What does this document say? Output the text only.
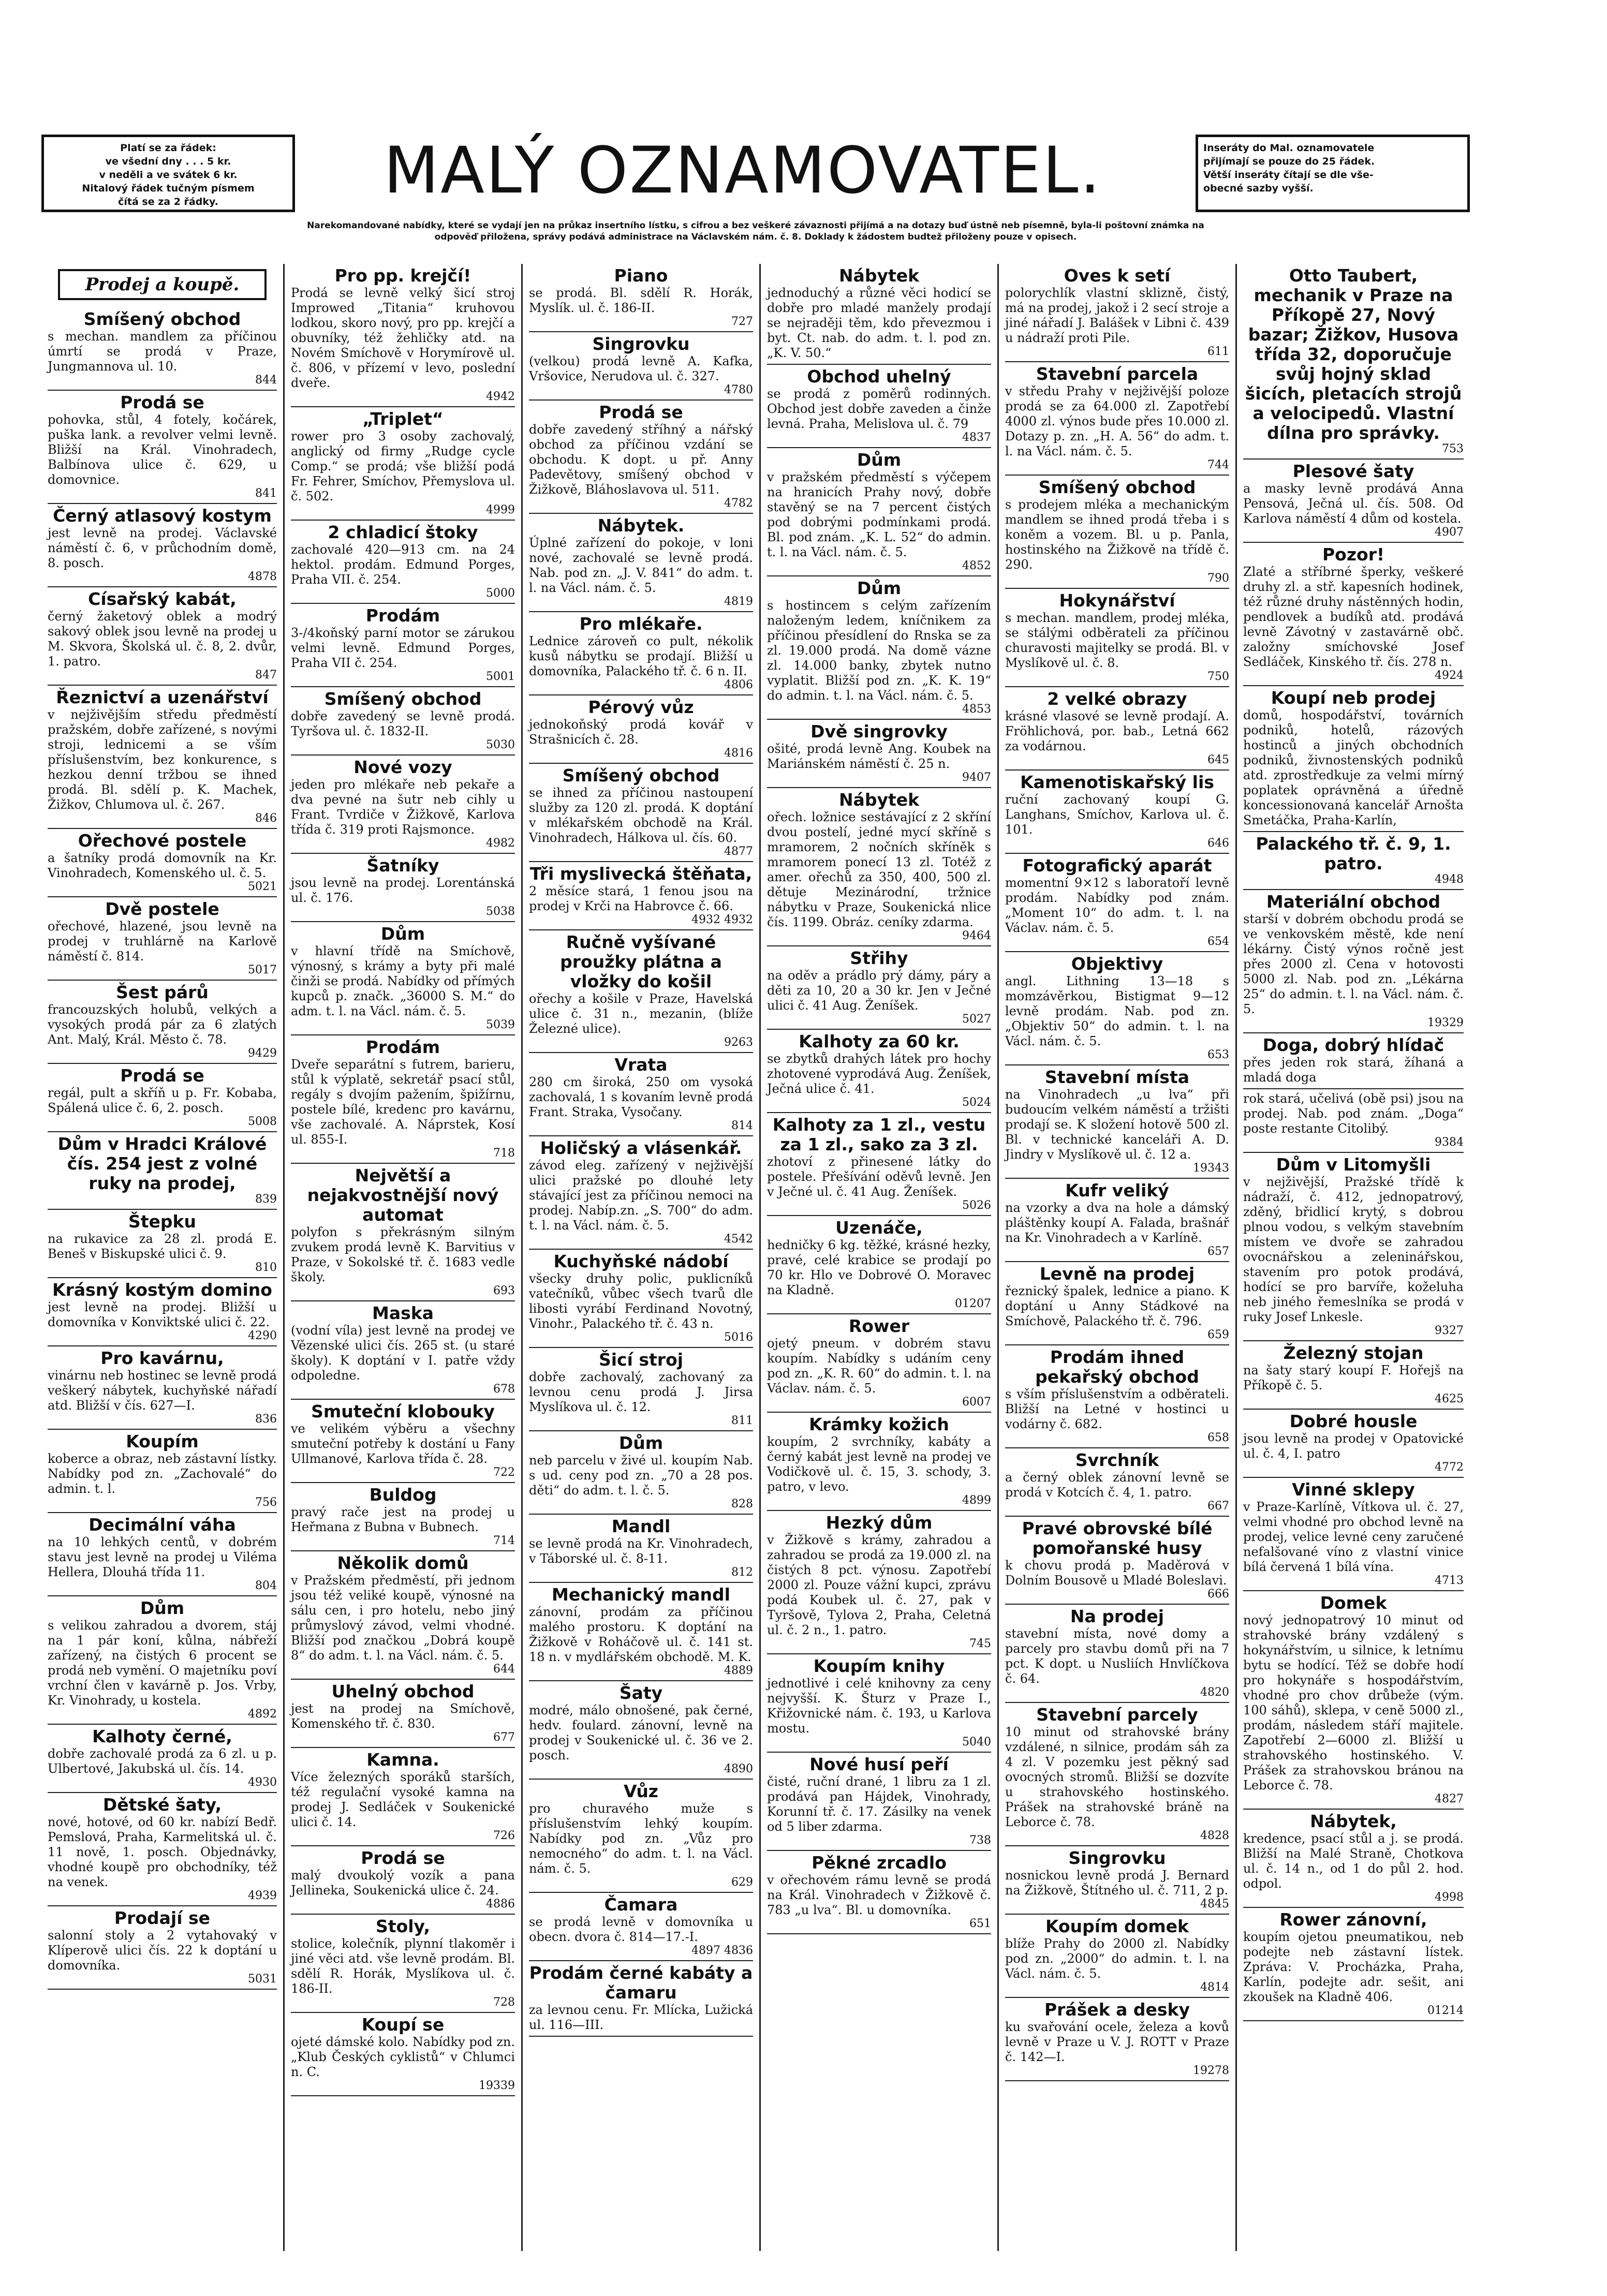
Platí se za řádek:
ve všední dny . . . 5 kr.
v neděli a ve svátek 6 kr.
Nitalový řádek tučným písmem
čítá se za 2 řádky.	MALÝ OZNAMOVATEL.	Inseráty do Mal. oznamovatele
přijímají se pouze do 25 řádek.
Větší inseráty čítají se dle vše-
obecné sazby vyšší.
Narekomandované nabídky, které se vydají jen na průkaz insertního lístku, s cifrou a bez veškeré závaznosti přijímá a na dotazy buď ústně neb písemně, byla-li poštovní známka na
odpověď přiložena, správy podává administrace na Václavském nám. č. 8. Doklady k žádostem budtež přiloženy pouze v opisech.
Prodej a koupě.
Smíšený obchod

s mechan. mandlem za příčinou úmrtí se prodá v Praze, Jungmannova ul. 10.

844
Prodá se

pohovka, stůl, 4 fotely, kočárek, puška lank. a revolver velmi levně. Bližší na Král. Vinohradech, Balbínova ulice č. 629, u domovnice.

841
Černý atlasový kostym

jest levně na prodej. Václavské náměstí č. 6, v průchodním domě, 8. posch.

4878
Císařský kabát,

černý žaketový oblek a modrý sakový oblek jsou levně na prodej u M. Skvora, Školská ul. č. 8, 2. dvůr, 1. patro.

847
Řeznictví a uzenářství

v nejživějším středu předměstí pražském, dobře zařízené, s novými stroji, lednicemi a se vším příslušenstvím, bez konkurence, s hezkou denní tržbou se ihned prodá. Bl. sdělí p. K. Machek, Žižkov, Chlumova ul. č. 267.

846
Ořechové postele

a šatníky prodá domovník na Kr. Vinohradech, Komenského ul. č. 5.

5021
Dvě postele

ořechové, hlazené, jsou levně na prodej v truhlárně na Karlově náměstí č. 814.

5017
Šest párů

francouzských holubů, velkých a vysokých prodá pár za 6 zlatých Ant. Malý, Král. Město č. 78.

9429
Prodá se

regál, pult a skříň u p. Fr. Kobaba, Spálená ulice č. 6, 2. posch.

5008
Dům v Hradci Králové čís. 254 jest z volné ruky na prodej,
839
Štepku

na rukavice za 28 zl. prodá E. Beneš v Biskupské ulici č. 9.

810
Krásný kostým domino

jest levně na prodej. Bližší u domovníka v Konviktské ulici č. 22.

4290
Pro kavárnu,

vinárnu neb hostinec se levně prodá veškerý nábytek, kuchyňské nářadí atd. Bližší v čís. 627—I.

836
Koupím

koberce a obraz, neb zástavní lístky. Nabídky pod zn. „Zachovalé“ do admin. t. l.

756
Decimální váha

na 10 lehkých centů, v dobrém stavu jest levně na prodej u Viléma Hellera, Dlouhá třída 11.

804
Dům

s velikou zahradou a dvorem, stáj na 1 pár koní, kůlna, nábřeží zařízený, na čistých 6 procent se prodá neb vymění. O majetníku poví vrchní člen v kavárně p. Jos. Vrby, Kr. Vinohrady, u kostela.

4892
Kalhoty černé,

dobře zachovalé prodá za 6 zl. u p. Ulbertové, Jakubská ul. čís. 14.

4930
Dětské šaty,

nové, hotové, od 60 kr. nabízí Bedř. Pemslová, Praha, Karmelitská ul. č. 11 nově, 1. posch. Objednávky, vhodné koupě pro obchodníky, též na venek.

4939
Prodají se

salonní stoly a 2 vytahovaký v Klíperově ulici čís. 22 k doptání u domovníka.

5031
Pro pp. krejčí!

Prodá se levně velký šicí stroj Improwed „Titania“ kruhovou lodkou, skoro nový, pro pp. krejčí a obuvníky, též žehličky atd. na Novém Smíchově v Horymírově ul. č. 806, v přízemí v levo, poslední dveře.

4942
„Triplet“

rower pro 3 osoby zachovalý, anglický od firmy „Rudge cycle Comp.“ se prodá; vše bližší podá Fr. Fehrer, Smíchov, Přemyslova ul. č. 502.

4999
2 chladicí štoky

zachovalé 420—913 cm. na 24 hektol. prodám. Edmund Porges, Praha VII. č. 254.

5000
Prodám

3-/4koňský parní motor se zárukou velmi levně. Edmund Porges, Praha VII č. 254.

5001
Smíšený obchod

dobře zavedený se levně prodá. Tyršova ul. č. 1832-II.

5030
Nové vozy

jeden pro mlékaře neb pekaře a dva pevné na šutr neb cihly u Frant. Tvrdiče v Žižkově, Karlova třída č. 319 proti Rajsmonce.

4982
Šatníky

jsou levně na prodej. Lorentánská ul. č. 176.

5038
Dům

v hlavní třídě na Smíchově, výnosný, s krámy a byty při malé činži se prodá. Nabídky od přímých kupců p. značk. „36000 S. M.“ do adm. t. l. na Václ. nám. č. 5.

5039
Prodám

Dveře separátní s futrem, barieru, stůl k výplatě, sekretář psací stůl, regály s dvojím pažením, špižírnu, postele bílé, kredenc pro kavárnu, vše zachovalé. A. Náprstek, Kosí ul. 855-I.

718
Největší a nejakvostnější nový automat

polyfon s překrásným silným zvukem prodá levně K. Barvitius v Praze, v Sokolské tř. č. 1683 vedle školy.

693
Maska

(vodní víla) jest levně na prodej ve Vězenské ulici čís. 265 st. (u staré školy). K doptání v I. patře vždy odpoledne.

678
Smuteční klobouky

ve velikém výběru a všechny smuteční potřeby k dostání u Fany Ullmanové, Karlova třída č. 28.

722
Buldog

pravý rače jest na prodej u Heřmana z Bubna v Bubnech.

714
Několik domů

v Pražském předměstí, při jednom jsou též veliké koupě, výnosné na sálu cen, i pro hotelu, nebo jiný průmyslový závod, velmi vhodné. Bližší pod značkou „Dobrá koupě 8“ do adm. t. l. na Václ. nám. č. 5.

644
Uhelný obchod

jest na prodej na Smíchově, Komenského tř. č. 830.

677
Kamna.

Více železných sporáků starších, též regulační vysoké kamna na prodej J. Sedláček v Soukenické ulici č. 14.

726
Prodá se

malý dvoukolý vozík a pana Jellineka, Soukenická ulice č. 24.

4886
Stoly,

stolice, kolečník, plynní tlakoměr i jiné věci atd. vše levně prodám. Bl. sdělí R. Horák, Myslíkova ul. č. 186-II.

728
Koupí se

ojeté dámské kolo. Nabídky pod zn. „Klub Českých cyklistů“ v Chlumci n. C.

19339
Piano

se prodá. Bl. sdělí R. Horák, Myslík. ul. č. 186-II.

727
Singrovku

(velkou) prodá levně A. Kafka, Vršovice, Nerudova ul. č. 327.

4780
Prodá se

dobře zavedený stříhný a nářský obchod za příčinou vzdání se obchodu. K dopt. u př. Anny Padevětovy, smíšený obchod v Žižkově, Bláhoslavova ul. 511.

4782
Nábytek.

Úplné zařízení do pokoje, v loni nové, zachovalé se levně prodá. Nab. pod zn. „J. V. 841“ do adm. t. l. na Václ. nám. č. 5.

4819
Pro mlékaře.

Lednice zároveň co pult, nékolik kusů nábytku se prodají. Bližší u domovníka, Palackého tř. č. 6 n. II.

4806
Pérový vůz

jednokoňský prodá kovář v Strašnicích č. 28.

4816
Smíšený obchod

se ihned za příčinou nastoupení služby za 120 zl. prodá. K doptání v mlékařském obchodě na Král. Vinohradech, Hálkova ul. čís. 60.

4877
Tři myslivecká štěňata,

2 měsíce stará, 1 fenou jsou na prodej v Krči na Habrovce č. 66.

4932 4932
Ručně vyšívané proužky plátna a vložky do košil

ořechy a košile v Praze, Havelská ulice č. 31 n., mezanin, (blíže Železné ulice).

9263
Vrata

280 cm široká, 250 om vysoká zachovalá, 1 s kovaním levně prodá Frant. Straka, Vysočany.

814
Holičský a vlásenkář.

závod eleg. zařízený v nejživější ulici pražské po dlouhé lety stávající jest za příčinou nemoci na prodej. Nabíp.zn. „S. 700“ do adm. t. l. na Václ. nám. č. 5.

4542
Kuchyňské nádobí

všecky druhy polic, puklicníků vatečníků, vůbec všech tvarů dle libosti vyrábí Ferdinand Novotný, Vinohr., Palackého tř. č. 43 n.

5016
Šicí stroj

dobře zachovalý, zachovaný za levnou cenu prodá J. Jirsa Myslíkova ul. č. 12.

811
Dům

neb parcelu v živé ul. koupím Nab. s ud. ceny pod zn. „70 a 28 pos. děti“ do adm. t. l. č. 5.

828
Mandl

se levně prodá na Kr. Vinohradech, v Táborské ul. č. 8-11.

812
Mechanický mandl

zánovní, prodám za příčinou malého prostoru. K doptání na Žižkově v Roháčově ul. č. 141 st. 18 n. v mydlářském obchodě. M. K.

4889
Šaty

modré, málo obnošené, pak černé, hedv. foulard. zánovní, levně na prodej v Soukenické ul. č. 36 ve 2. posch.

4890
Vůz

pro churavého muže s příslušenstvím lehký koupím. Nabídky pod zn. „Vůz pro nemocného“ do adm. t. l. na Václ. nám. č. 5.

629
Čamara

se prodá levně v domovníka u obecn. dvora č. 814—17.-I.

4897 4836
Prodám černé kabáty a čamaru

za levnou cenu. Fr. Mlícka, Lužická ul. 116—III.

Nábytek

jednoduchý a různé věci hodicí se dobře pro mladé manžely prodají se nejraději těm, kdo převezmou i byt. Ct. nab. do adm. t. l. pod zn. „K. V. 50.“

Obchod uhelný

se prodá z poměrů rodinných. Obchod jest dobře zaveden a činže levná. Praha, Melislova ul. č. 79

4837
Dům

v pražském předměstí s výčepem na hranicích Prahy nový, dobře stavěný se na 7 percent čistých pod dobrými podmínkami prodá. Bl. pod znám. „K. L. 52“ do admin. t. l. na Václ. nám. č. 5.

4852
Dům

s hostincem s celým zařízením naloženým ledem, kníčnikem za příčinou přesídlení do Rnska se za zl. 19.000 prodá. Na domě vázne zl. 14.000 banky, zbytek nutno vyplatit. Bližší pod zn. „K. K. 19“ do admin. t. l. na Václ. nám. č. 5.

4853
Dvě singrovky

ošité, prodá levně Ang. Koubek na Mariánském náměstí č. 25 n.

9407
Nábytek

ořech. ložnice sestávající z 2 skříní dvou postelí, jedné mycí skříně s mramorem, 2 nočních skříněk s mramorem ponecí 13 zl. Totéž z amer. ořechů za 350, 400, 500 zl. dětuje Mezinárodní, tržnice nábytku v Praze, Soukenická nlice čís. 1199. Obráz. ceníky zdarma.

9464
Střihy

na oděv a prádlo prý dámy, páry a děti za 10, 20 a 30 kr. Jen v Ječné ulici č. 41 Aug. Ženíšek.

5027
Kalhoty za 60 kr.

se zbytků drahých látek pro hochy zhotovené vyprodává Aug. Ženíšek, Ječná ulice č. 41.

5024
Kalhoty za 1 zl., vestu za 1 zl., sako za 3 zl.

zhotoví z přinesené látky do postele. Přešívání oděvů levně. Jen v Ječné ul. č. 41 Aug. Ženíšek.

5026
Uzenáče,

hedničky 6 kg. těžké, krásné hezky, pravé, celé krabice se prodají po 70 kr. Hlo ve Dobrové O. Moravec na Kladně.

01207
Rower

ojetý pneum. v dobrém stavu koupím. Nabídky s udáním ceny pod zn. „K. R. 60“ do admin. t. l. na Václav. nám. č. 5.

6007
Krámky kožich

koupím, 2 svrchníky, kabáty a černý kabát jest levně na prodej ve Vodičkově ul. č. 15, 3. schody, 3. patro, v levo.

4899
Hezký dům

v Žižkově s krámy, zahradou a zahradou se prodá za 19.000 zl. na čistých 8 pct. výnosu. Zapotřebí 2000 zl. Pouze vážní kupci, zprávu podá Koubek ul. č. 27, pak v Tyršově, Tylova 2, Praha, Celetná ul. č. 2 n., 1. patro.

745
Koupím knihy

jednotlivé i celé knihovny za ceny nejvyšší. K. Šturz v Praze I., Křižovnické nám. č. 193, u Karlova mostu.

5040
Nové husí peří

čisté, ruční drané, 1 libru za 1 zl. prodává pan Hájdek, Vinohrady, Korunní tř. č. 17. Zásilky na venek od 5 liber zdarma.

738
Pěkné zrcadlo

v ořechovém rámu levně se prodá na Král. Vinohradech v Žižkově č. 783 „u lva“. Bl. u domovníka.

651
Oves k setí

polorychlík vlastní sklizně, čistý, má na prodej, jakož i 2 secí stroje a jiné nářadí J. Balášek v Libni č. 439 u nádraží proti Pile.

611
Stavební parcela

v středu Prahy v nejživější poloze prodá se za 64.000 zl. Zapotřebí 4000 zl. výnos bude přes 10.000 zl. Dotazy p. zn. „H. A. 56“ do adm. t. l. na Václ. nám. č. 5.

744
Smíšený obchod

s prodejem mléka a mechanickým mandlem se ihned prodá třeba i s koněm a vozem. Bl. u p. Panla, hostinského na Žižkově na třídě č. 290.

790
Hokynářství

s mechan. mandlem, prodej mléka, se stálými odběrateli za příčinou churavosti majitelky se prodá. Bl. v Myslíkově ul. č. 8.

750
2 velké obrazy

krásné vlasové se levně prodají. A. Fröhlichová, por. bab., Letná 662 za vodárnou.

645
Kamenotiskařský lis

ruční zachovaný koupí G. Langhans, Smíchov, Karlova ul. č. 101.

646
Fotografický aparát

momentní 9×12 s laboratoří levně prodám. Nabídky pod znám. „Moment 10“ do adm. t. l. na Václav. nám. č. 5.

654
Objektivy

angl. Lithning 13—18 s momzávěrkou, Bistigmat 9—12 levně prodám. Nab. pod zn. „Objektiv 50“ do admin. t. l. na Václ. nám. č. 5.

653
Stavební místa

na Vinohradech „u lva“ při budoucím velkém náměstí a tržišti prodají se. K složení hotově 500 zl. Bl. v technické kanceláři A. D. Jindry v Myslíkově ul. č. 12 a.

19343
Kufr veliký

na vzorky a dva na hole a dámský pláštěnky koupí A. Falada, brašnář na Kr. Vinohradech a v Karlíně.

657
Levně na prodej

řeznický špalek, lednice a piano. K doptání u Anny Stádkové na Smíchově, Palackého tř. č. 796.

659
Prodám ihned pekařský obchod

s vším příslušenstvím a odběrateli. Bližší na Letné v hostinci u vodárny č. 682.

658
Svrchník

a černý oblek zánovní levně se prodá v Kotcích č. 4, 1. patro.

667
Pravé obrovské bílé pomořanské husy

k chovu prodá p. Maděrová v Dolním Bousově u Mladé Boleslavi.

666
Na prodej

stavební místa, nové domy a parcely pro stavbu domů při na 7 pct. K dopt. u Nusliích Hnvlíčkova č. 64.

4820
Stavební parcely

10 minut od strahovské brány vzdálené, n silnice, prodám sáh za 4 zl. V pozemku jest pěkný sad ovocných stromů. Bližší se dozvíte u strahovského hostinského. Prášek na strahovské bráně na Leborce č. 78.

4828
Singrovku

nosnickou levně prodá J. Bernard na Žižkově, Štítného ul. č. 711, 2 p.

4845
Koupím domek

blíže Prahy do 2000 zl. Nabídky pod zn. „2000“ do admin. t. l. na Václ. nám. č. 5.

4814
Prášek a desky

ku svařování ocele, železa a kovů levně v Praze u V. J. ROTT v Praze č. 142—I.

19278
Otto Taubert, mechanik v Praze na Příkopě 27, Nový bazar; Žižkov, Husova třída 32, doporučuje svůj hojný sklad šicích, pletacích strojů a velocipedů. Vlastní dílna pro správky.
753
Plesové šaty

a masky levně prodává Anna Pensová, Ječná ul. čís. 508. Od Karlova náměstí 4 dům od kostela.

4907
Pozor!

Zlaté a stříbrné šperky, veškeré druhy zl. a stř. kapesních hodinek, též různé druhy nástěnných hodin, pendlovek a budíků atd. prodává levně Závotný v zastavárně obč. založny smíchovské Josef Sedláček, Kinského tř. čís. 278 n.

4924
Koupí neb prodej

domů, hospodářství, továrních podniků, hotelů, rázových hostinců a jiných obchodních podniků, živnostenských podniků atd. zprostředkuje za velmi mírný poplatek oprávněná a úředně koncessionovaná kancelář Arnošta Smetáčka, Praha-Karlín,

Palackého tř. č. 9, 1. patro.
4948
Materiální obchod

starší v dobrém obchodu prodá se ve venkovském městě, kde není lékárny. Čistý výnos ročně jest přes 2000 zl. Cena v hotovosti 5000 zl. Nab. pod zn. „Lékárna 25“ do admin. t. l. na Václ. nám. č. 5.

19329
Doga, dobrý hlídač

přes jeden rok stará, žíhaná a mladá doga

rok stará, učelivá (obě psi) jsou na prodej. Nab. pod znám. „Doga“ poste restante Citolibý.

9384
Dům v Litomyšli

v nejživější, Pražské třídě k nádraží, č. 412, jednopatrový, zděný, břidlicí krytý, s dobrou plnou vodou, s velkým stavebním místem ve dvoře se zahradou ovocnářskou a zeleninářskou, stavením pro potok prodává, hodící se pro barvíře, koželuha neb jiného řemeslníka se prodá v ruky Josef Lnkesle.

9327
Železný stojan

na šaty starý koupí F. Hořejš na Příkopě č. 5.

4625
Dobré housle

jsou levně na prodej v Opatovické ul. č. 4, I. patro

4772
Vinné sklepy

v Praze-Karlíně, Vítkova ul. č. 27, velmi vhodné pro obchod levně na prodej, velice levné ceny zaručené nefalšované víno z vlastní vinice bílá červená 1 bílá vína.

4713
Domek

nový jednopatrový 10 minut od strahovské brány vzdálený s hokynářstvím, u silnice, k letnímu bytu se hodící. Též se dobře hodí pro hokynáře s hospodářstvím, vhodné pro chov drůbeže (vým. 100 sáhů), sklepa, v ceně 5000 zl., prodám, následem stáří majitele. Zapotřebí 2—6000 zl. Bližší u strahovského hostinského. V. Prášek za strahovskou bránou na Leborce č. 78.

4827
Nábytek,

kredence, psací stůl a j. se prodá. Bližší na Malé Straně, Chotkova ul. č. 14 n., od 1 do půl 2. hod. odpol.

4998
Rower zánovní,

koupím ojetou pneumatikou, neb podejte neb zástavní lístek. Zpráva: V. Procházka, Praha, Karlín, podejte adr. sešit, ani zkoušek na Kladně 406.

01214
